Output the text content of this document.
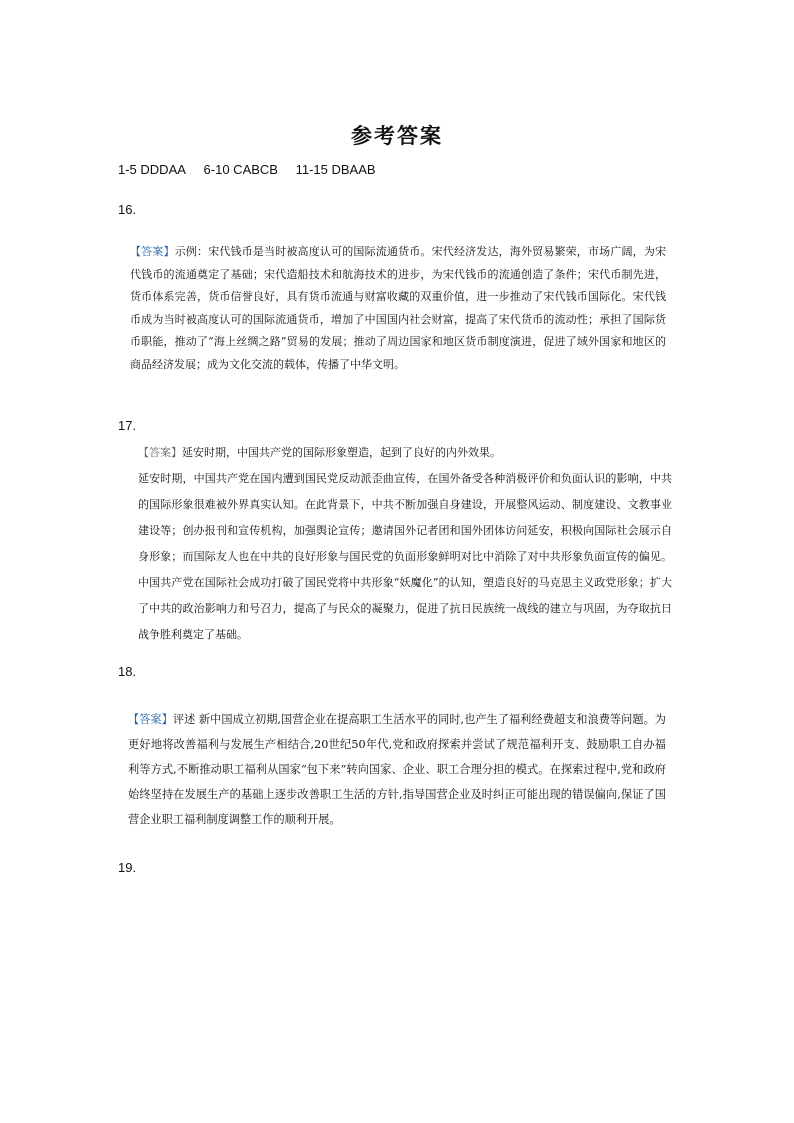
参考答案
1-5 DDDAA 6-10 CABCB 11-15 DBAAB
16.

【答案】示例：宋代钱币是当时被高度认可的国际流通货币。宋代经济发达，海外贸易繁荣，市场广阔，为宋代钱币的流通奠定了基础；宋代造船技术和航海技术的进步，为宋代钱币的流通创造了条件；宋代币制先进，货币体系完善，货币信誉良好，具有货币流通与财富收藏的双重价值，进一步推动了宋代钱币国际化。宋代钱币成为当时被高度认可的国际流通货币，增加了中国国内社会财富，提高了宋代货币的流动性；承担了国际货币职能，推动了“海上丝绸之路”贸易的发展；推动了周边国家和地区货币制度演进，促进了域外国家和地区的商品经济发展；成为文化交流的载体，传播了中华文明。

17.

【答案】延安时期，中国共产党的国际形象塑造，起到了良好的内外效果。

延安时期，中国共产党在国内遭到国民党反动派歪曲宣传，在国外备受各种消极评价和负面认识的影响，中共的国际形象很难被外界真实认知。在此背景下，中共不断加强自身建设，开展整风运动、制度建设、文教事业建设等；创办报刊和宣传机构，加强舆论宣传；邀请国外记者团和国外团体访问延安，积极向国际社会展示自身形象；而国际友人也在中共的良好形象与国民党的负面形象鲜明对比中消除了对中共形象负面宣传的偏见。中国共产党在国际社会成功打破了国民党将中共形象“妖魔化”的认知，塑造良好的马克思主义政党形象；扩大了中共的政治影响力和号召力，提高了与民众的凝聚力，促进了抗日民族统一战线的建立与巩固，为夺取抗日战争胜利奠定了基础。

18.

【答案】评述 新中国成立初期,国营企业在提高职工生活水平的同时,也产生了福利经费超支和浪费等问题。为更好地将改善福利与发展生产相结合,20世纪50年代,党和政府探索并尝试了规范福利开支、鼓励职工自办福利等方式,不断推动职工福利从国家“包下来”转向国家、企业、职工合理分担的模式。在探索过程中,党和政府始终坚持在发展生产的基础上逐步改善职工生活的方针,指导国营企业及时纠正可能出现的错误偏向,保证了国营企业职工福利制度调整工作的顺利开展。

19.
